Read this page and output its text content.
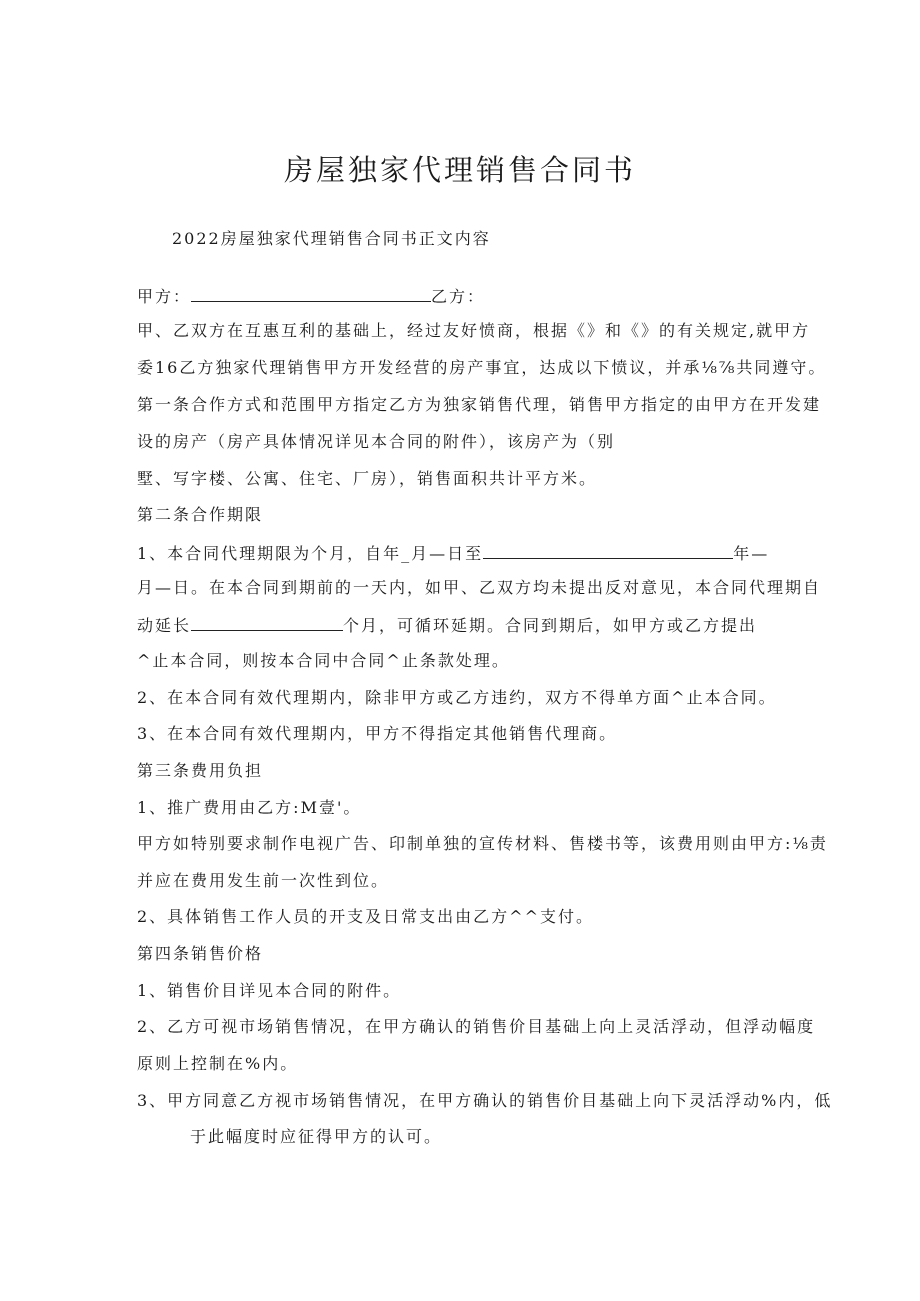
房屋独家代理销售合同书
2022房屋独家代理销售合同书正文内容
甲方：	乙方：
甲、乙双方在互惠互利的基础上，经过友好愤商，根据《》和《》的有关规定,就甲方
委16乙方独家代理销售甲方开发经营的房产事宜，达成以下愤议，并承⅛⅞共同遵守。
第一条合作方式和范围甲方指定乙方为独家销售代理，销售甲方指定的由甲方在开发建
设的房产（房产具体情况详见本合同的附件），该房产为（别
墅、写字楼、公寓、住宅、厂房），销售面积共计平方米。
第二条合作期限
1、本合同代理期限为个月，自年_月—日至	年—
月—日。在本合同到期前的一天内，如甲、乙双方均未提出反对意见，本合同代理期自
动延长	个月，可循环延期。合同到期后，如甲方或乙方提出
^止本合同，则按本合同中合同^止条款处理。
2、在本合同有效代理期内，除非甲方或乙方违约，双方不得单方面^止本合同。
3、在本合同有效代理期内，甲方不得指定其他销售代理商。
第三条费用负担
1、推广费用由乙方:M壹'。
甲方如特别要求制作电视广告、印制单独的宣传材料、售楼书等，该费用则由甲方:⅛责
并应在费用发生前一次性到位。
2、具体销售工作人员的开支及日常支出由乙方^^支付。
第四条销售价格
1、销售价目详见本合同的附件。
2、乙方可视市场销售情况，在甲方确认的销售价目基础上向上灵活浮动，但浮动幅度
原则上控制在%内。
3、甲方同意乙方视市场销售情况，在甲方确认的销售价目基础上向下灵活浮动%内，低
于此幅度时应征得甲方的认可。
